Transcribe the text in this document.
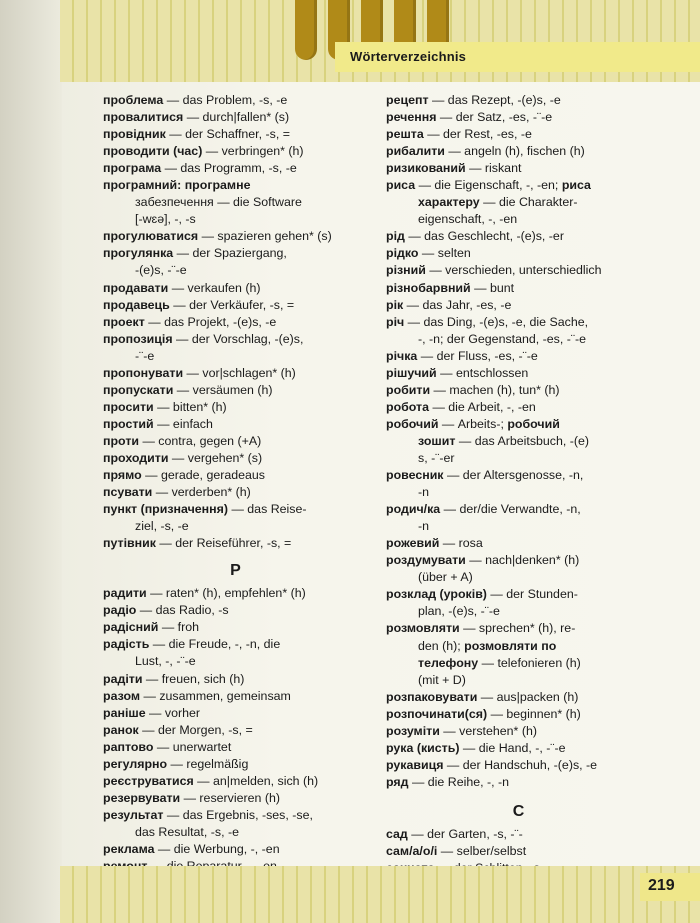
Wörterverzeichnis
проблема — das Problem, -s, -e
провалитися — durch|fallen* (s)
провідник — der Schaffner, -s, =
проводити (час) — verbringen* (h)
програма — das Programm, -s, -e
програмний: програмне
забезпечення — die Software
[-wɛə], -, -s
прогулюватися — spazieren gehen* (s)
прогулянка — der Spaziergang,
-(e)s, -¨-e
продавати — verkaufen (h)
продавець — der Verkäufer, -s, =
проект — das Projekt, -(e)s, -e
пропозиція — der Vorschlag, -(e)s,
-¨-e
пропонувати — vor|schlagen* (h)
пропускати — versäumen (h)
просити — bitten* (h)
простий — einfach
проти — contra, gegen (+A)
проходити — vergehen* (s)
прямо — gerade, geradeaus
псувати — verderben* (h)
пункт (призначення) — das Reise-
ziel, -s, -e
путівник — der Reiseführer, -s, =
Р
радити — raten* (h), empfehlen* (h)
радіо — das Radio, -s
радісний — froh
радість — die Freude, -, -n, die
Lust, -, -¨-e
радіти — freuen, sich (h)
разом — zusammen, gemeinsam
раніше — vorher
ранок — der Morgen, -s, =
раптово — unerwartet
регулярно — regelmäßig
реєструватися — an|melden, sich (h)
резервувати — reservieren (h)
результат — das Ergebnis, -ses, -se,
das Resultat, -s, -e
реклама — die Werbung, -, -en
рецепт — das Rezept, -(e)s, -e
речення — der Satz, -es, -¨-e
решта — der Rest, -es, -e
рибалити — angeln (h), fischen (h)
ризикований — riskant
риса — die Eigenschaft, -, -en; риса
характеру — die Charakter-
eigenschaft, -, -en
рід — das Geschlecht, -(e)s, -er
рідко — selten
різний — verschieden, unterschiedlich
різнобарвний — bunt
рік — das Jahr, -es, -e
річ — das Ding, -(e)s, -e, die Sache,
-, -n; der Gegenstand, -es, -¨-e
річка — der Fluss, -es, -¨-e
рішучий — entschlossen
робити — machen (h), tun* (h)
робота — die Arbeit, -, -en
робочий — Arbeits-; робочий
зошит — das Arbeitsbuch, -(e)
s, -¨-er
ровесник — der Altersgenosse, -n,
-n
родич/ка — der/die Verwandte, -n,
-n
рожевий — rosa
роздумувати — nach|denken* (h)
(über + A)
розклад (уроків) — der Stunden-
plan, -(e)s, -¨-e
розмовляти — sprechen* (h), re-
den (h); розмовляти по
телефону — telefonieren (h)
(mit + D)
розпаковувати — aus|packen (h)
розпочинати(ся) — beginnen* (h)
розуміти — verstehen* (h)
рука (кисть) — die Hand, -, -¨-e
рукавиця — der Handschuh, -(e)s, -e
ряд — die Reihe, -, -n
С
сад — der Garten, -s, -¨-
сам/а/о/і — selber/selbst
219
